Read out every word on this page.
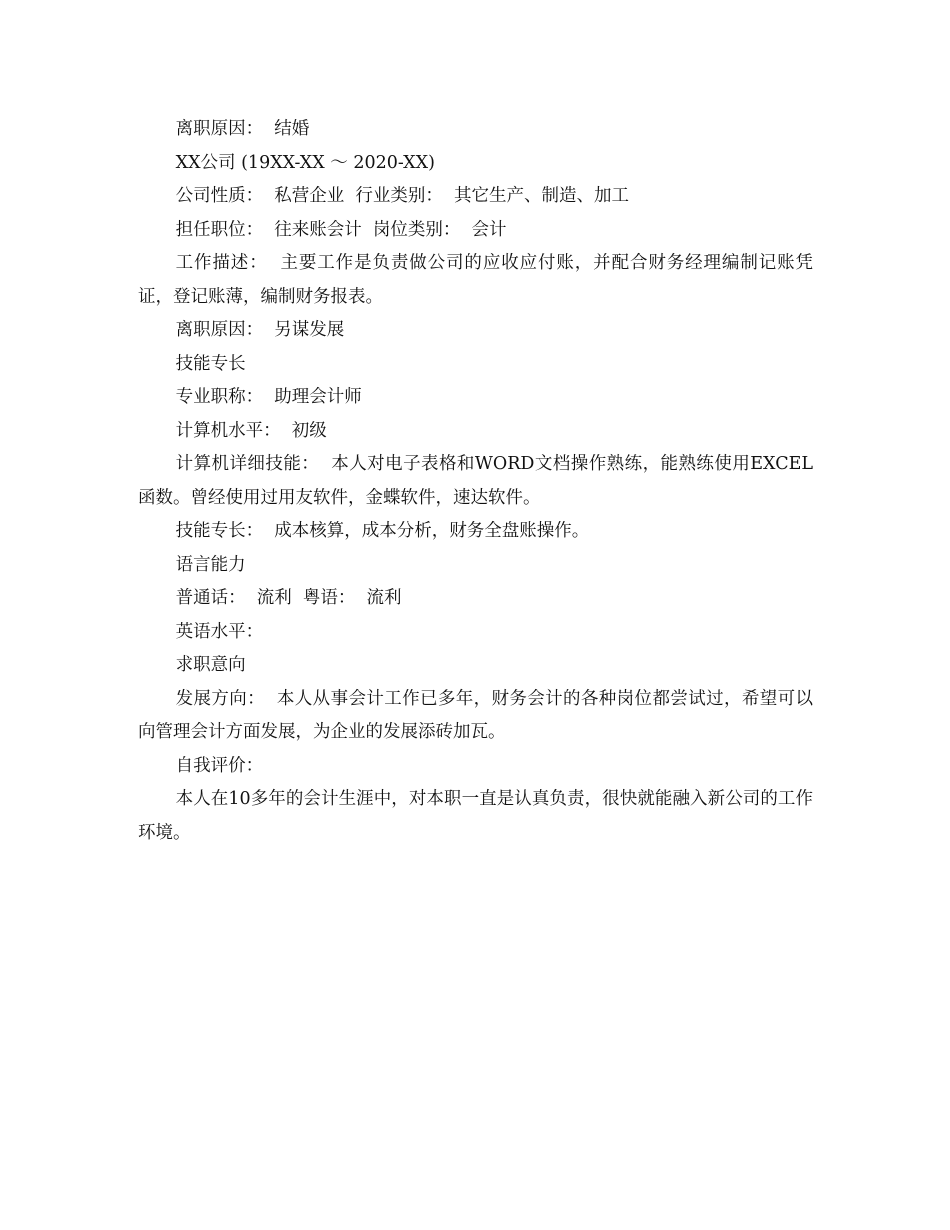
离职原因：  结婚

XX公司 (19XX-XX ～ 2020-XX)

公司性质：  私营企业  行业类别：  其它生产、制造、加工

担任职位：  往来账会计  岗位类别：  会计

工作描述：  主要工作是负责做公司的应收应付账，并配合财务经理编制记账凭证，登记账薄，编制财务报表。

离职原因：  另谋发展

技能专长

专业职称：  助理会计师

计算机水平：  初级

计算机详细技能：  本人对电子表格和WORD文档操作熟练，能熟练使用EXCEL函数。曾经使用过用友软件，金蝶软件，速达软件。

技能专长：  成本核算，成本分析，财务全盘账操作。

语言能力

普通话：  流利  粤语：  流利

英语水平：

求职意向

发展方向：  本人从事会计工作已多年，财务会计的各种岗位都尝试过，希望可以向管理会计方面发展，为企业的发展添砖加瓦。

自我评价：

本人在10多年的会计生涯中，对本职一直是认真负责，很快就能融入新公司的工作环境。
